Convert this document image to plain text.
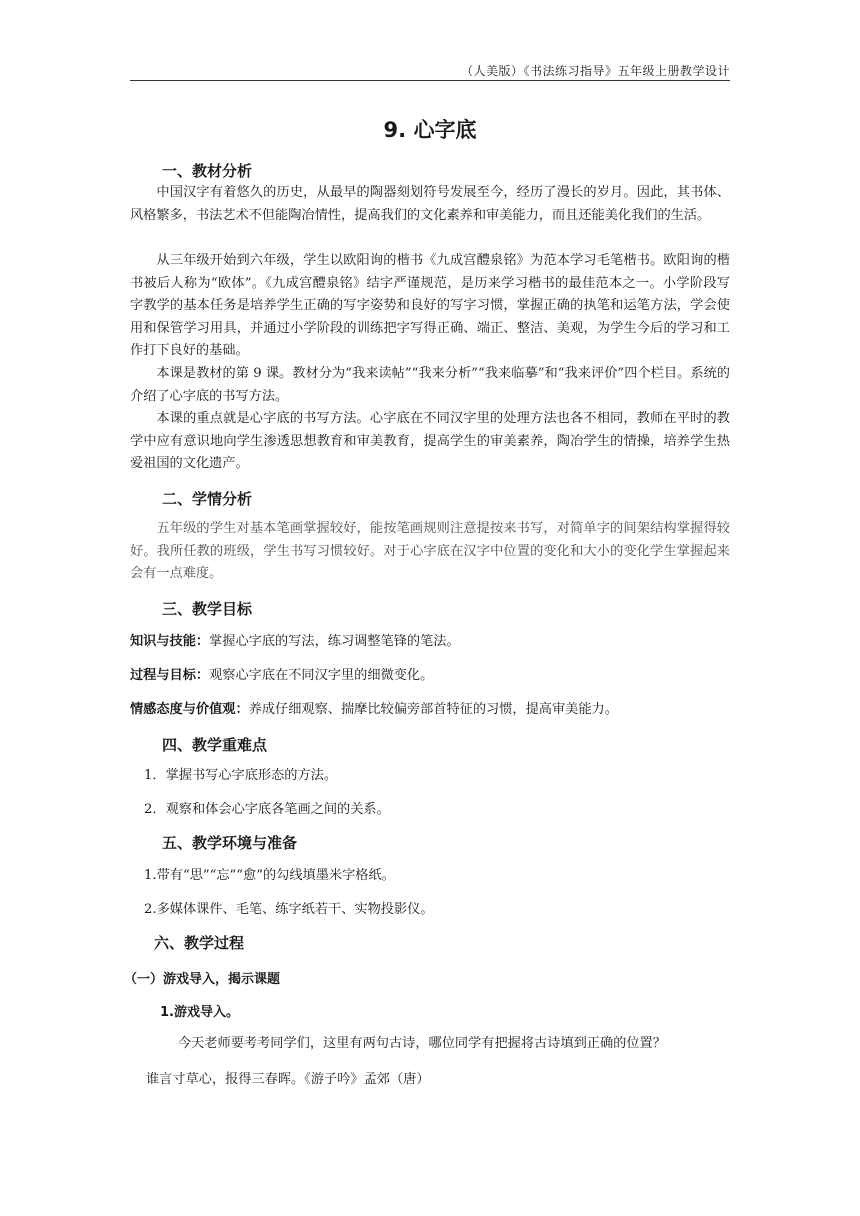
（人美版）《书法练习指导》五年级上册教学设计
9. 心字底
一、教材分析

中国汉字有着悠久的历史，从最早的陶器刻划符号发展至今，经历了漫长的岁月。因此，其书体、风格繁多，书法艺术不但能陶冶情性，提高我们的文化素养和审美能力，而且还能美化我们的生活。

从三年级开始到六年级，学生以欧阳询的楷书《九成宫醴泉铭》为范本学习毛笔楷书。欧阳询的楷书被后人称为“欧体”。《九成宫醴泉铭》结字严谨规范，是历来学习楷书的最佳范本之一。小学阶段写字教学的基本任务是培养学生正确的写字姿势和良好的写字习惯，掌握正确的执笔和运笔方法，学会使用和保管学习用具，并通过小学阶段的训练把字写得正确、端正、整洁、美观，为学生今后的学习和工作打下良好的基础。

本课是教材的第 9 课。教材分为“我来读帖”“我来分析”“我来临摹”和“我来评价”四个栏目。系统的介绍了心字底的书写方法。

本课的重点就是心字底的书写方法。心字底在不同汉字里的处理方法也各不相同，教师在平时的教学中应有意识地向学生渗透思想教育和审美教育，提高学生的审美素养，陶冶学生的情操，培养学生热爱祖国的文化遗产。

二、学情分析

五年级的学生对基本笔画掌握较好，能按笔画规则注意提按来书写，对简单字的间架结构掌握得较好。我所任教的班级，学生书写习惯较好。对于心字底在汉字中位置的变化和大小的变化学生掌握起来会有一点难度。

三、教学目标
知识与技能：掌握心字底的写法，练习调整笔锋的笔法。
过程与目标：观察心字底在不同汉字里的细微变化。
情感态度与价值观：养成仔细观察、揣摩比较偏旁部首特征的习惯，提高审美能力。
四、教学重难点
1．掌握书写心字底形态的方法。
2．观察和体会心字底各笔画之间的关系。
五、教学环境与准备
1.带有“思”“忘”“愈”的勾线填墨米字格纸。
2.多媒体课件、毛笔、练字纸若干、实物投影仪。
六、教学过程
（一）游戏导入，揭示课题
1.游戏导入。
今天老师要考考同学们，这里有两句古诗，哪位同学有把握将古诗填到正确的位置？
谁言寸草心，报得三春晖。《游子吟》孟郊（唐）
